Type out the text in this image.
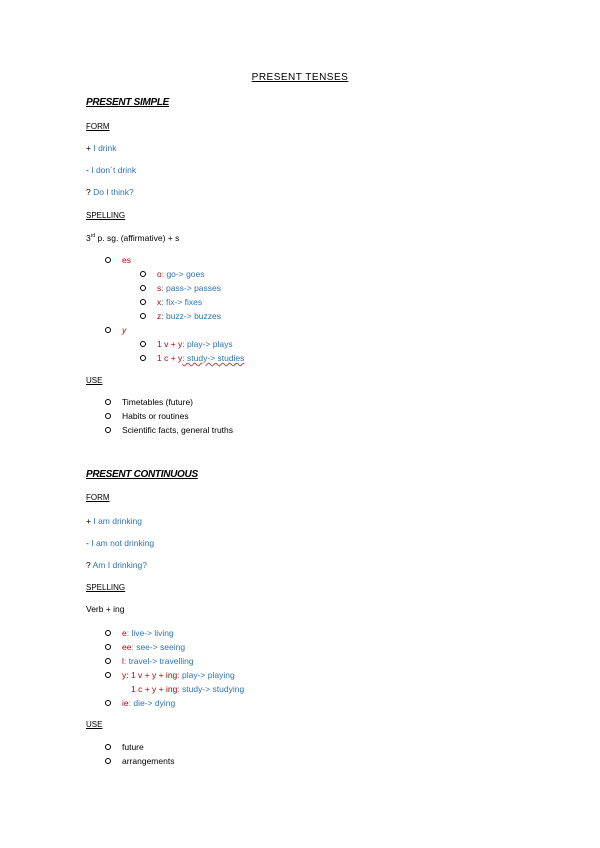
PRESENT TENSES
PRESENT SIMPLE
FORM
+ I drink
- I don´t drink
? Do I think?
SPELLING
3rd p. sg. (affirmative) + s
es
o: go-> goes
s: pass-> passes
x: fix-> fixes
z: buzz-> buzzes
y
1 v + y: play-> plays
1 c + y: study-> studies
USE
Timetables (future)
Habits or routines
Scientific facts, general truths
PRESENT CONTINUOUS
FORM
+ I am drinking
- I am not drinking
? Am I drinking?
SPELLING
Verb + ing
e: live-> living
ee: see-> seeing
l: travel-> travelling
y: 1 v + y + ing: play-> playing
1 c + y + ing: study-> studying
ie: die-> dying
USE
future
arrangements
